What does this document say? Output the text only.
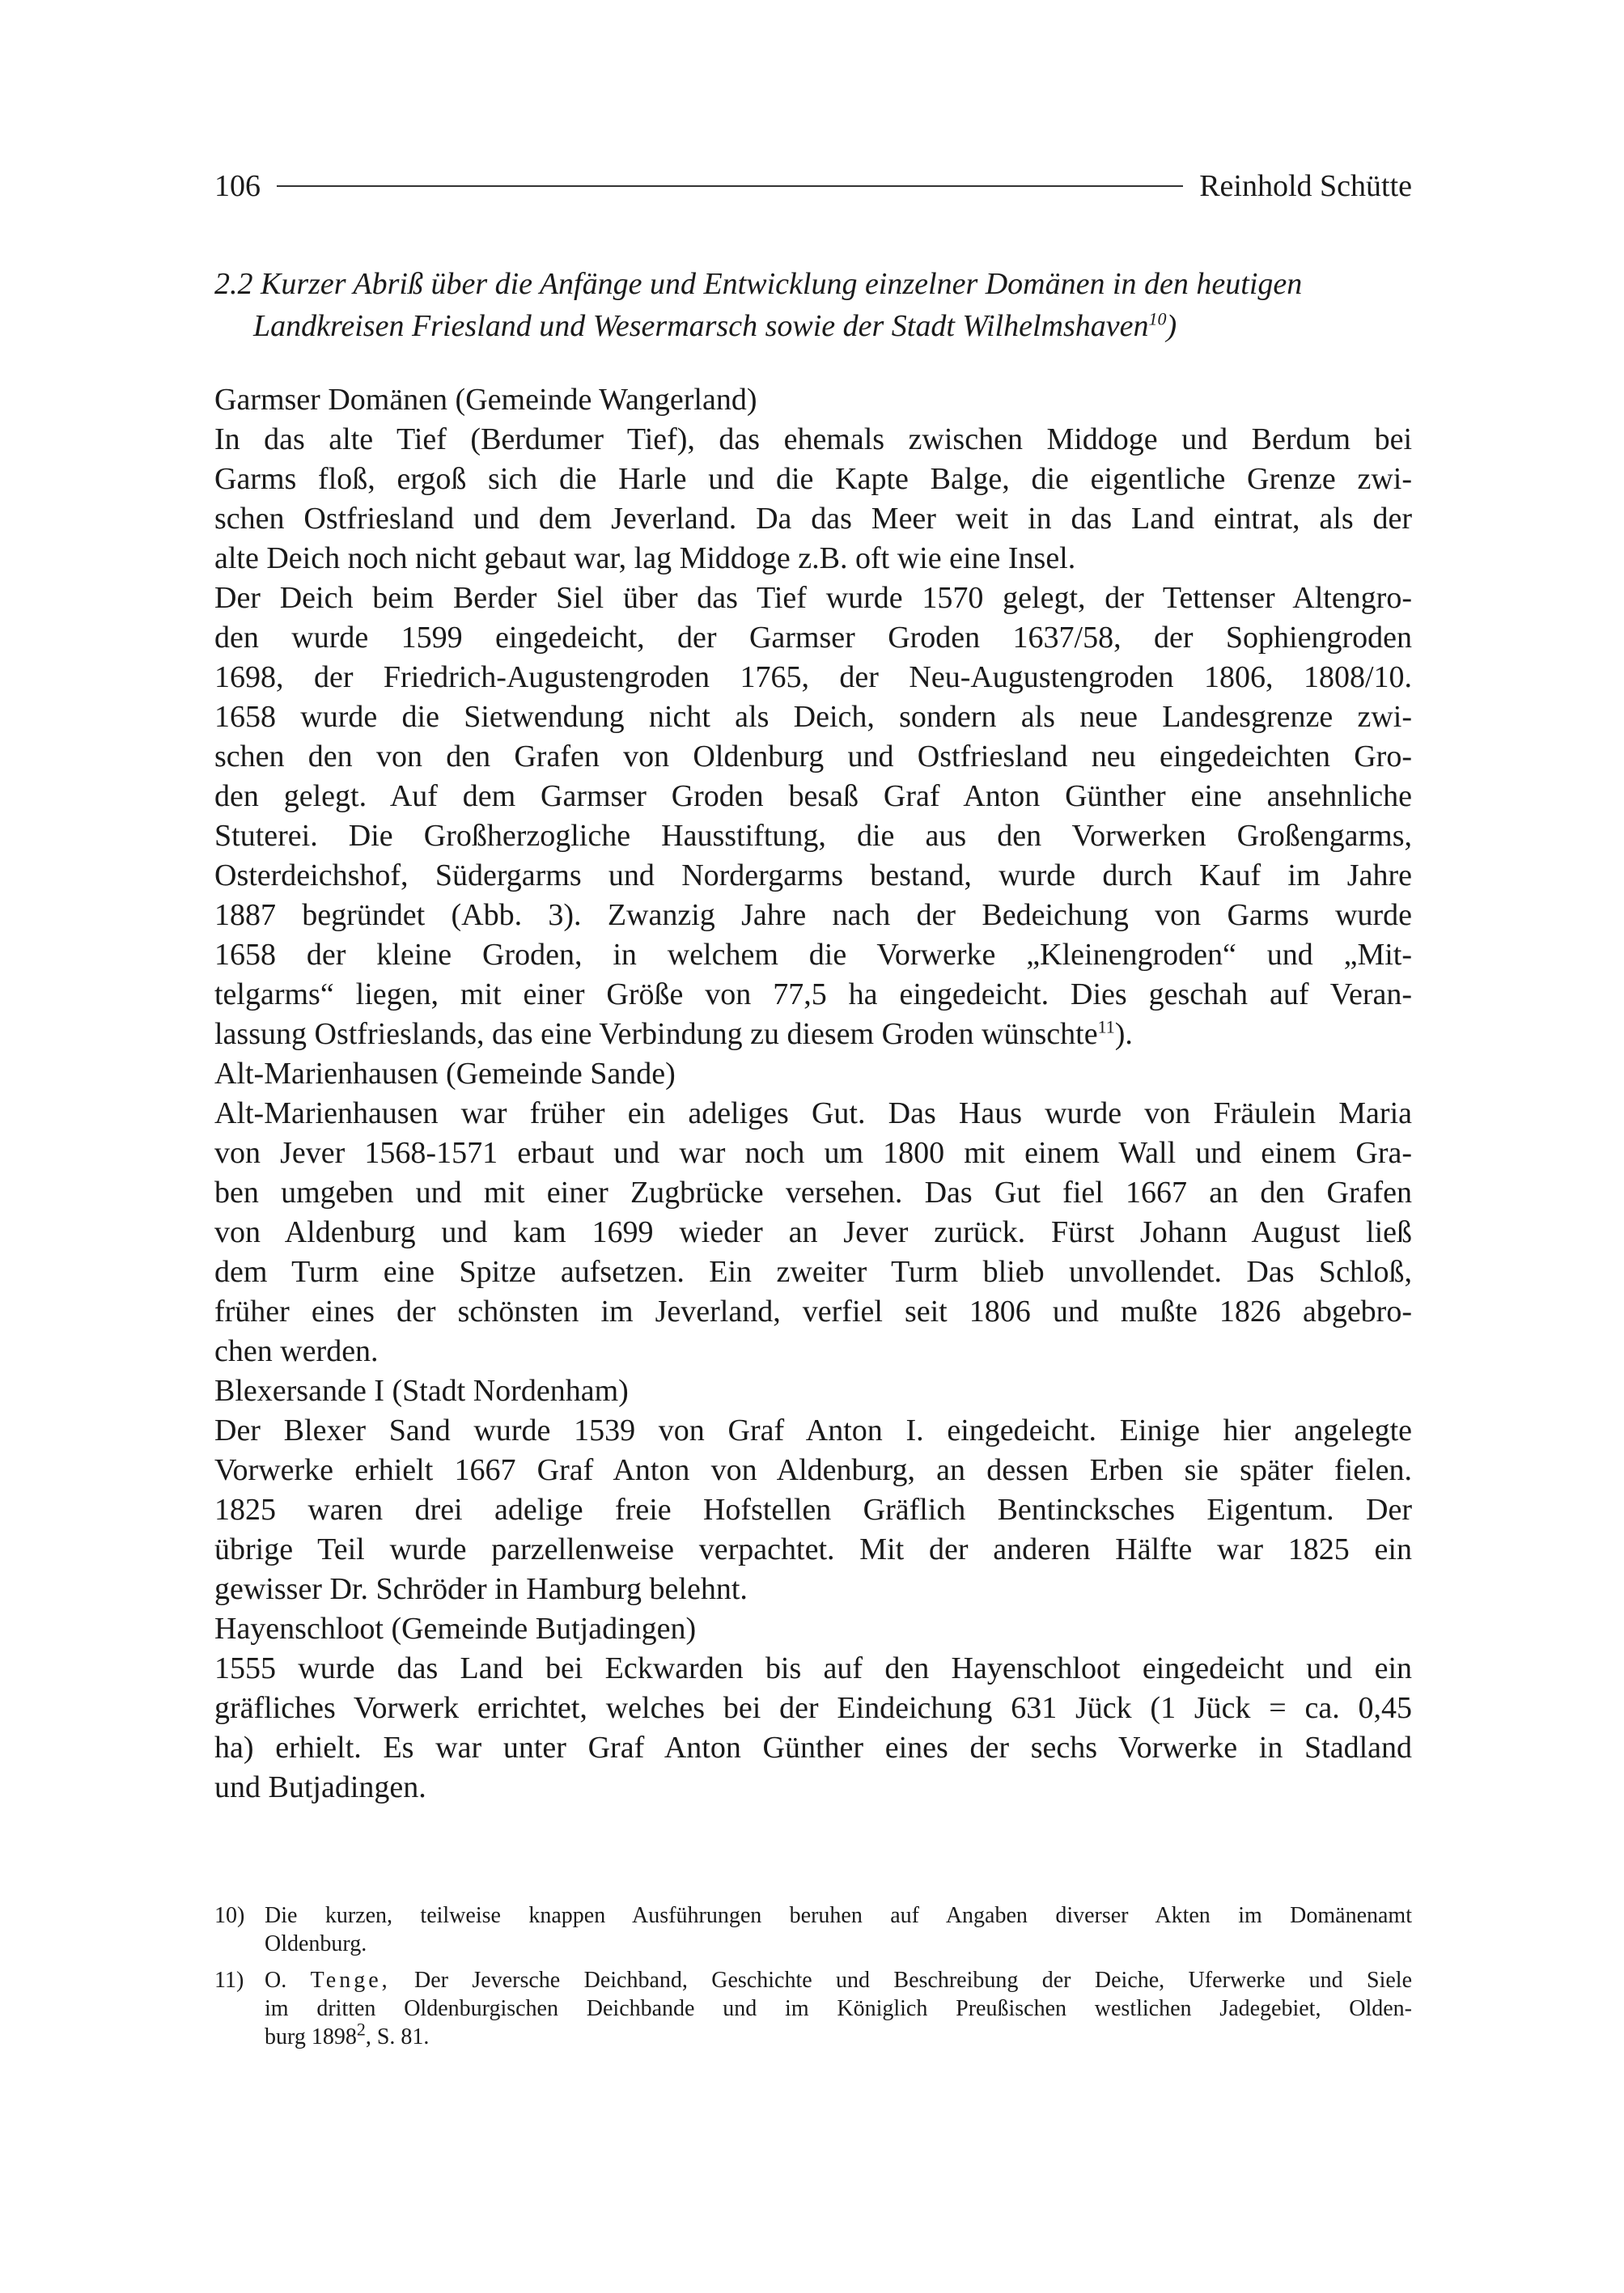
106	Reinhold Schütte
2.2 Kurzer Abriß über die Anfänge und Entwicklung einzelner Domänen in den heutigen
Landkreisen Friesland und Wesermarsch sowie der Stadt Wilhelmshaven$^{10}$)

Garmser Domänen (Gemeinde Wangerland)

In das alte Tief (Berdumer Tief), das ehemals zwischen Middoge und Berdum bei

Garms floß, ergoß sich die Harle und die Kapte Balge, die eigentliche Grenze zwi-

schen Ostfriesland und dem Jeverland. Da das Meer weit in das Land eintrat, als der

alte Deich noch nicht gebaut war, lag Middoge z.B. oft wie eine Insel.

Der Deich beim Berder Siel über das Tief wurde 1570 gelegt, der Tettenser Altengro-

den wurde 1599 eingedeicht, der Garmser Groden 1637/58, der Sophiengroden

1698, der Friedrich-Augustengroden 1765, der Neu-Augustengroden 1806, 1808/10.

1658 wurde die Sietwendung nicht als Deich, sondern als neue Landesgrenze zwi-

schen den von den Grafen von Oldenburg und Ostfriesland neu eingedeichten Gro-

den gelegt. Auf dem Garmser Groden besaß Graf Anton Günther eine ansehnliche

Stuterei. Die Großherzogliche Hausstiftung, die aus den Vorwerken Großengarms,

Osterdeichshof, Südergarms und Nordergarms bestand, wurde durch Kauf im Jahre

1887 begründet (Abb. 3). Zwanzig Jahre nach der Bedeichung von Garms wurde

1658 der kleine Groden, in welchem die Vorwerke „Kleinengroden“ und „Mit-

telgarms“ liegen, mit einer Größe von 77,5 ha eingedeicht. Dies geschah auf Veran-

lassung Ostfrieslands, das eine Verbindung zu diesem Groden wünschte$^{11}$).

Alt-Marienhausen (Gemeinde Sande)

Alt-Marienhausen war früher ein adeliges Gut. Das Haus wurde von Fräulein Maria

von Jever 1568-1571 erbaut und war noch um 1800 mit einem Wall und einem Gra-

ben umgeben und mit einer Zugbrücke versehen. Das Gut fiel 1667 an den Grafen

von Aldenburg und kam 1699 wieder an Jever zurück. Fürst Johann August ließ

dem Turm eine Spitze aufsetzen. Ein zweiter Turm blieb unvollendet. Das Schloß,

früher eines der schönsten im Jeverland, verfiel seit 1806 und mußte 1826 abgebro-

chen werden.

Blexersande I (Stadt Nordenham)

Der Blexer Sand wurde 1539 von Graf Anton I. eingedeicht. Einige hier angelegte

Vorwerke erhielt 1667 Graf Anton von Aldenburg, an dessen Erben sie später fielen.

1825 waren drei adelige freie Hofstellen Gräflich Bentincksches Eigentum. Der

übrige Teil wurde parzellenweise verpachtet. Mit der anderen Hälfte war 1825 ein

gewisser Dr. Schröder in Hamburg belehnt.

Hayenschloot (Gemeinde Butjadingen)

1555 wurde das Land bei Eckwarden bis auf den Hayenschloot eingedeicht und ein

gräfliches Vorwerk errichtet, welches bei der Eindeichung 631 Jück (1 Jück = ca. 0,45

ha) erhielt. Es war unter Graf Anton Günther eines der sechs Vorwerke in Stadland

und Butjadingen.

10) Die kurzen, teilweise knappen Ausführungen beruhen auf Angaben diverser Akten im Domänenamt
Oldenburg.
11) O. Tenge, Der Jeversche Deichband, Geschichte und Beschreibung der Deiche, Uferwerke und Siele
im dritten Oldenburgischen Deichbande und im Königlich Preußischen westlichen Jadegebiet, Olden-
burg 1898$^2$, S. 81.
